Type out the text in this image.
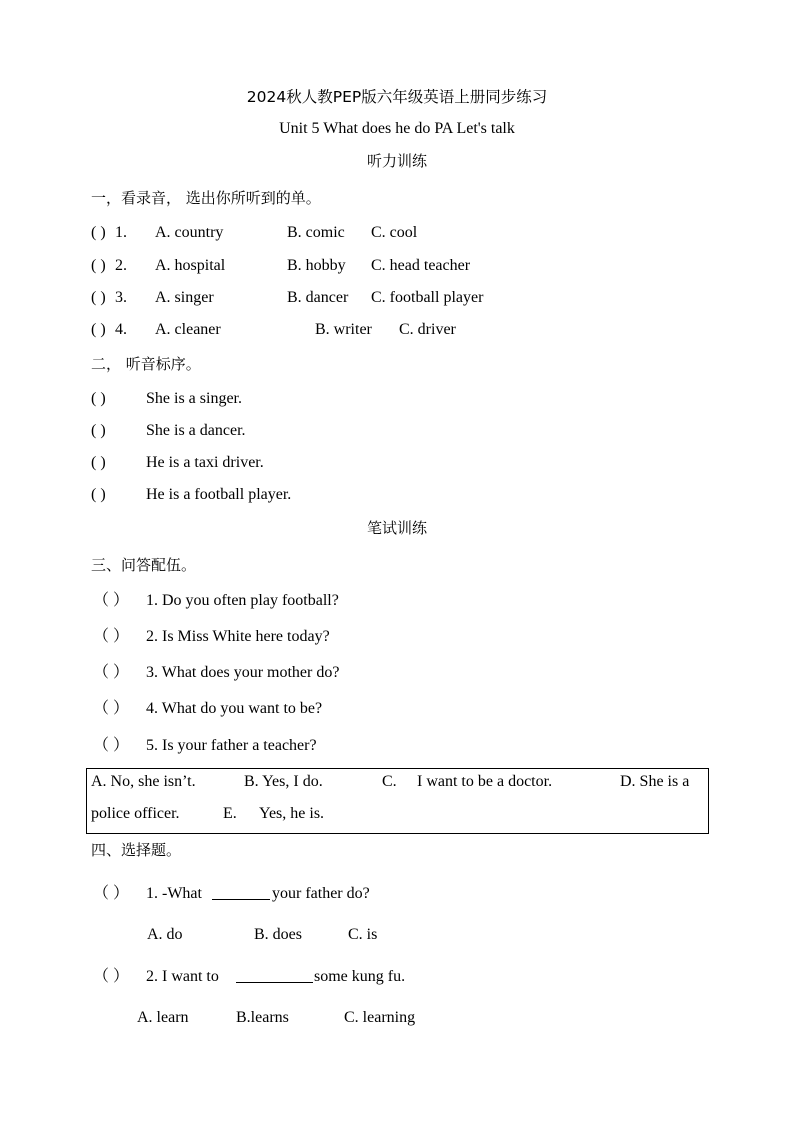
2024秋人教PEP版六年级英语上册同步练习
Unit 5 What does he do PA Let's talk
听力训练
一，看录音， 选出你所听到的单。
( ) 1. A. country	B. comic C. cool
( ) 2. A. hospital	B. hobby C. head teacher
( ) 3. A. singer	B. dancer C. football player
( ) 4. A. cleaner	B. writer C. driver
二， 听音标序。
( )	She is a singer.
( )	She is a dancer.
( )	He is a taxi driver.
( )	He is a football player.
笔试训练
三、问答配伍。
（ ） 1. Do you often play football?
（ ） 2. Is Miss White here today?
（ ） 3. What does your mother do?
（ ） 4. What do you want to be?
（ ） 5. Is your father a teacher?
A. No, she isn’t.	B. Yes, I do.	C. I want to be a doctor.	D. She is a
police officer.	E. Yes, he is.
四、选择题。
（ ） 1. -What	your father do?
A. do	B. does	C. is
（ ） 2. I want to	some kung fu.
A. learn	B.learns	C. learning
